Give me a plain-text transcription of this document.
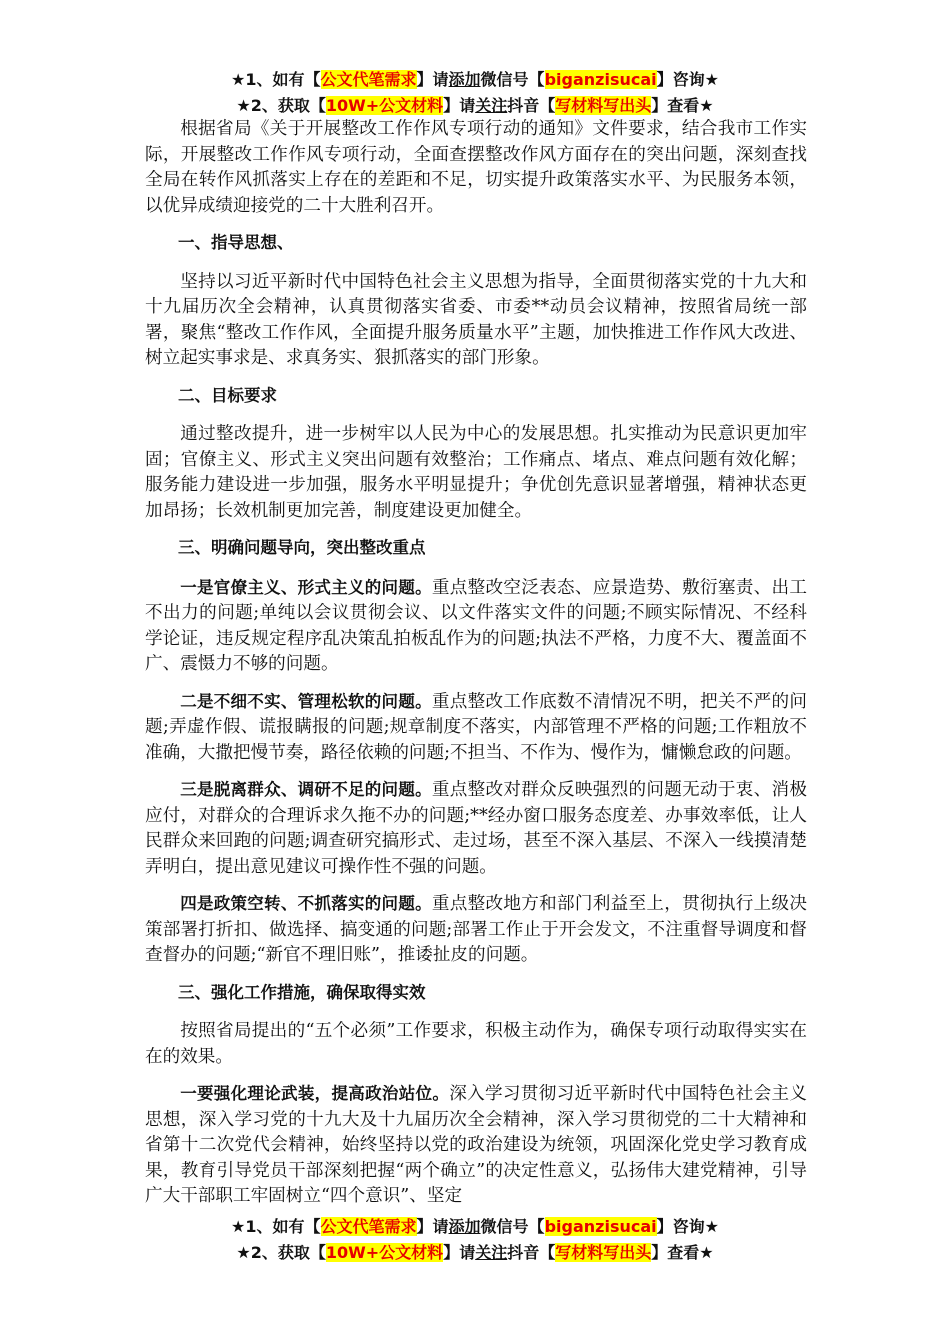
★1、如有【公文代笔需求】请添加微信号【biganzisucai】咨询★
★2、获取【10W+公文材料】请关注抖音【写材料写出头】查看★

根据省局《关于开展整改工作作风专项行动的通知》文件要求，结合我市工作实际，开展整改工作作风专项行动，全面查摆整改作风方面存在的突出问题，深刻查找全局在转作风抓落实上存在的差距和不足，切实提升政策落实水平、为民服务本领，以优异成绩迎接党的二十大胜利召开。

一、指导思想、

坚持以习近平新时代中国特色社会主义思想为指导，全面贯彻落实党的十九大和十九届历次全会精神，认真贯彻落实省委、市委**动员会议精神，按照省局统一部署，聚焦“整改工作作风，全面提升服务质量水平”主题，加快推进工作作风大改进、树立起实事求是、求真务实、狠抓落实的部门形象。

二、目标要求

通过整改提升，进一步树牢以人民为中心的发展思想。扎实推动为民意识更加牢固；官僚主义、形式主义突出问题有效整治；工作痛点、堵点、难点问题有效化解；服务能力建设进一步加强，服务水平明显提升；争优创先意识显著增强，精神状态更加昂扬；长效机制更加完善，制度建设更加健全。

三、明确问题导向，突出整改重点

一是官僚主义、形式主义的问题。重点整改空泛表态、应景造势、敷衍塞责、出工不出力的问题;单纯以会议贯彻会议、以文件落实文件的问题;不顾实际情况、不经科学论证，违反规定程序乱决策乱拍板乱作为的问题;执法不严格，力度不大、覆盖面不广、震慑力不够的问题。

二是不细不实、管理松软的问题。重点整改工作底数不清情况不明，把关不严的问题;弄虚作假、谎报瞒报的问题;规章制度不落实，内部管理不严格的问题;工作粗放不准确，大撒把慢节奏，路径依赖的问题;不担当、不作为、慢作为，慵懒怠政的问题。

三是脱离群众、调研不足的问题。重点整改对群众反映强烈的问题无动于衷、消极应付，对群众的合理诉求久拖不办的问题;**经办窗口服务态度差、办事效率低，让人民群众来回跑的问题;调查研究搞形式、走过场，甚至不深入基层、不深入一线摸清楚弄明白，提出意见建议可操作性不强的问题。

四是政策空转、不抓落实的问题。重点整改地方和部门利益至上，贯彻执行上级决策部署打折扣、做选择、搞变通的问题;部署工作止于开会发文，不注重督导调度和督查督办的问题;“新官不理旧账”，推诿扯皮的问题。

三、强化工作措施，确保取得实效

按照省局提出的“五个必须”工作要求，积极主动作为，确保专项行动取得实实在在的效果。

一要强化理论武装，提高政治站位。深入学习贯彻习近平新时代中国特色社会主义思想，深入学习党的十九大及十九届历次全会精神，深入学习贯彻党的二十大精神和省第十二次党代会精神，始终坚持以党的政治建设为统领，巩固深化党史学习教育成果，教育引导党员干部深刻把握“两个确立”的决定性意义，弘扬伟大建党精神，引导广大干部职工牢固树立“四个意识”、坚定

★1、如有【公文代笔需求】请添加微信号【biganzisucai】咨询★
★2、获取【10W+公文材料】请关注抖音【写材料写出头】查看★
